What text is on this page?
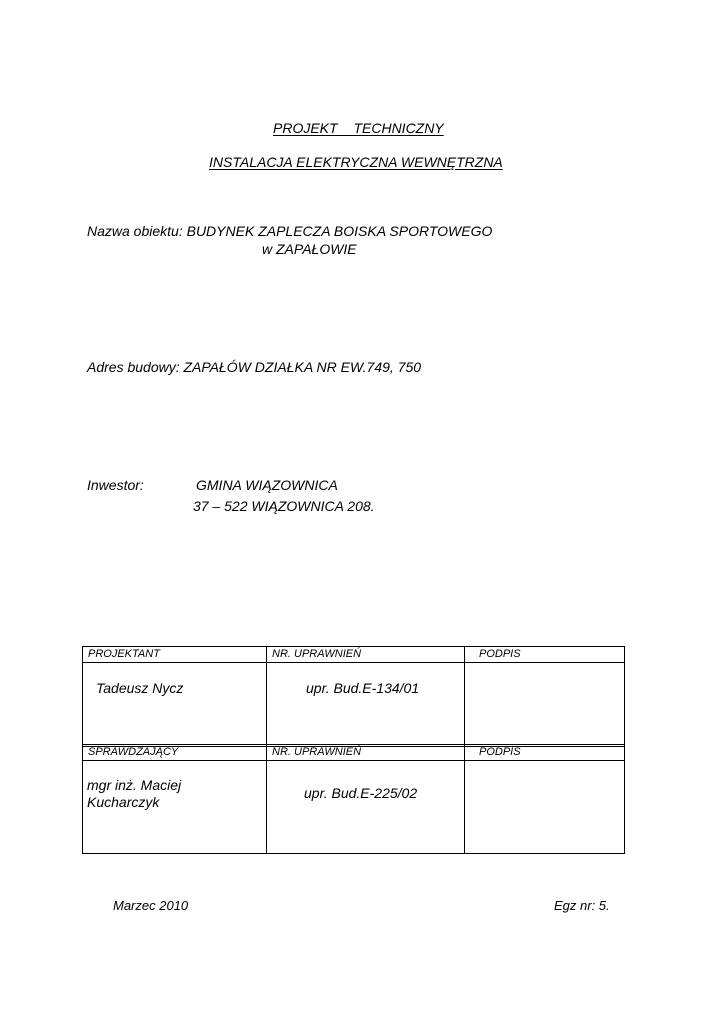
PROJEKT TECHNICZNY
INSTALACJA ELEKTRYCZNA WEWNĘTRZNA
Nazwa obiektu: BUDYNEK ZAPLECZA BOISKA SPORTOWEGO
w ZAPAŁOWIE
Adres budowy: ZAPAŁÓW DZIAŁKA NR EW.749, 750
Inwestor:	GMINA WIĄZOWNICA
37 – 522 WIĄZOWNICA 208.
PROJEKTANT	NR. UPRAWNIEŃ	PODPIS
Tadeusz Nycz	upr. Bud.E-134/01	
SPRAWDZAJĄCY	NR. UPRAWNIEŃ	PODPIS

mgr inż. Maciej
Kucharczyk	upr. Bud.E-225/02	
Marzec 2010	Egz nr: 5.
